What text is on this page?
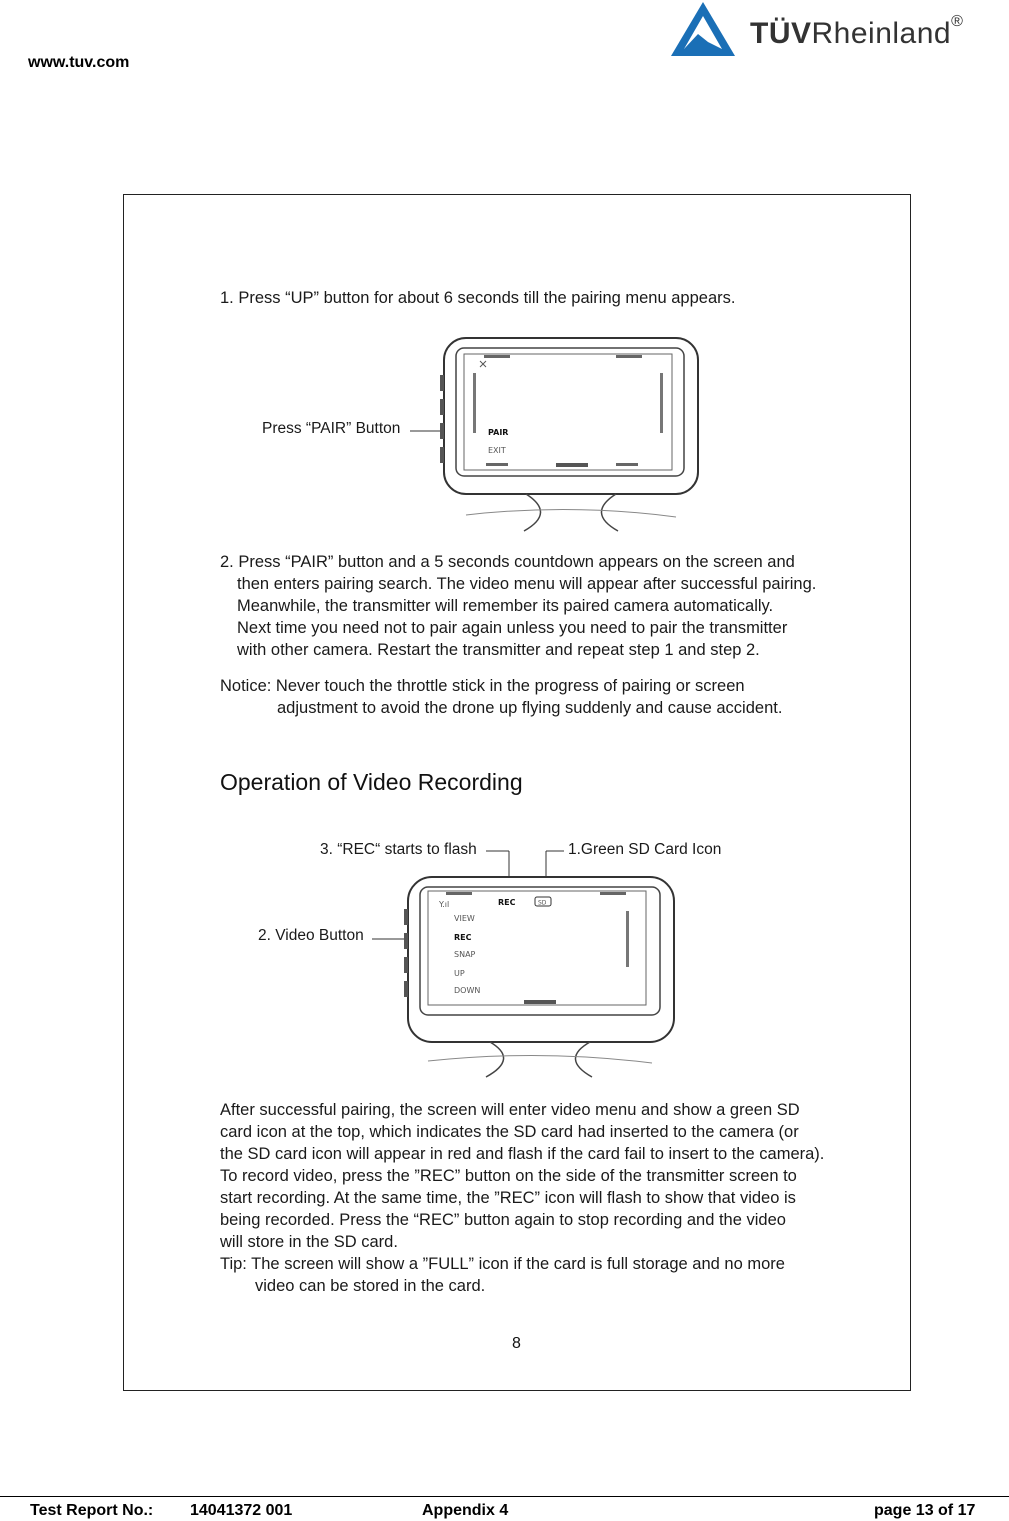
www.tuv.com
TÜVRheinland®
1. Press “UP” button for about 6 seconds till the pairing menu appears.
Press “PAIR” Button	PAIR
EXIT
2. Press “PAIR” button and a 5 seconds countdown appears on the screen and
then enters pairing search. The video menu will appear after successful pairing.
Meanwhile, the transmitter will remember its paired camera automatically.
Next time you need not to pair again unless you need to pair the transmitter
with other camera. Restart the transmitter and repeat step 1 and step 2.
Notice: Never touch the throttle stick in the progress of pairing or screen
adjustment to avoid the drone up flying suddenly and cause accident.
Operation of Video Recording
3. “REC“ starts to flash	1.Green SD Card Icon
2. Video Button
Y.ıl	REC	SD
VIEW
REC
SNAP
UP
DOWN
After successful pairing, the screen will enter video menu and show a green SD
card icon at the top, which indicates the SD card had inserted to the camera (or
the SD card icon will appear in red and flash if the card fail to insert to the camera).
To record video, press the ”REC” button on the side of the transmitter screen to
start recording. At the same time, the ”REC” icon will flash to show that video is
being recorded. Press the “REC” button again to stop recording and the video
will store in the SD card.
Tip: The screen will show a ”FULL” icon if the card is full storage and no more
video can be stored in the card.
8
Test Report No.: 14041372 001	Appendix 4	page 13 of 17
